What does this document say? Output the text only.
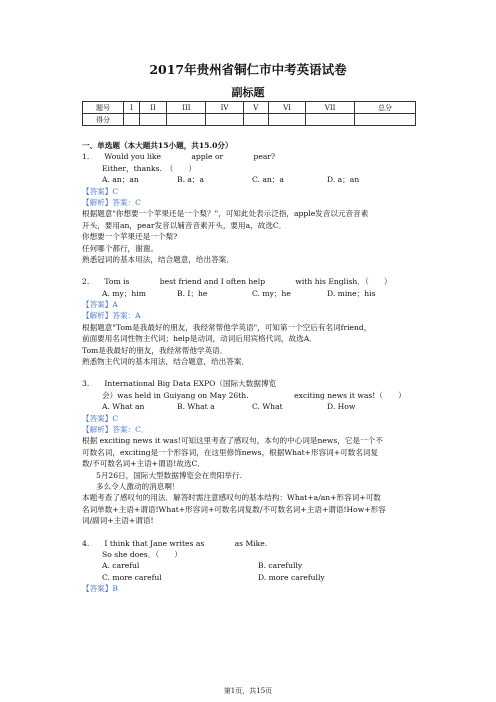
2017年贵州省铜仁市中考英语试卷
副标题
题号	I	II	III	IV	V	VI	VII	总分
得分								
一、单选题（本大题共15小题，共15.0分）
1.　　Would you like　　　　apple or　　　　pear?
Either，thanks.　（　　）
A. an；an	B. a；a	C. an；a	D. a；an
【答案】C
【解析】答案：C
根据题意"你想要一个苹果还是一个梨？"，可知此处表示泛指，apple发音以元音音素
开头，要用an，pear发音以辅音音素开头，要用a，故选C．
你想要一个苹果还是一个梨?
任何哪个都行，谢谢。
熟悉冠词的基本用法，结合题意，给出答案．
2.　　Tom is　　　　best friend and I often help　　　　with his English．（　　）
A. my；him	B. I；he	C. my；he	D. mine；his
【答案】A
【解析】答案：A
根据题意"Tom是我最好的朋友，我经常帮他学英语"，可知第一个空后有名词friend，
前面要用名词性物主代词；help是动词，动词后用宾格代词，故选A．
Tom是我最好的朋友，我经常帮他学英语．
熟悉物主代词的基本用法，结合题意，给出答案．
3.　　International Big Data EXPO（国际大数据博览
会）was held in Guiyang on May 26th.　　　　　　exciting news it was!（　　）
A. What an	B. What a	C. What	D. How
【答案】C
【解析】答案：C．
根据 exciting news it was!可知这里考查了感叹句，本句的中心词是news，它是一个不
可数名词，exciting是一个形容词，在这里修饰news，根据What+形容词+可数名词复
数/不可数名词+主语+谓语!故选C．
5月26日，国际大型数据博览会在贵阳举行.
多么令人激动的消息啊！
本题考查了感叹句的用法．解答时需注意感叹句的基本结构：What+a/an+形容词+可数
名词单数+主语+谓语!What+形容词+可数名词复数/不可数名词+主语+谓语!How+形容
词/副词+主语+谓语!
4.　　I think that Jane writes as　　　　as Mike.
So she does．（　　）
A. careful	B. carefully
C. more careful	D. more carefully
【答案】B
第1页，共15页
